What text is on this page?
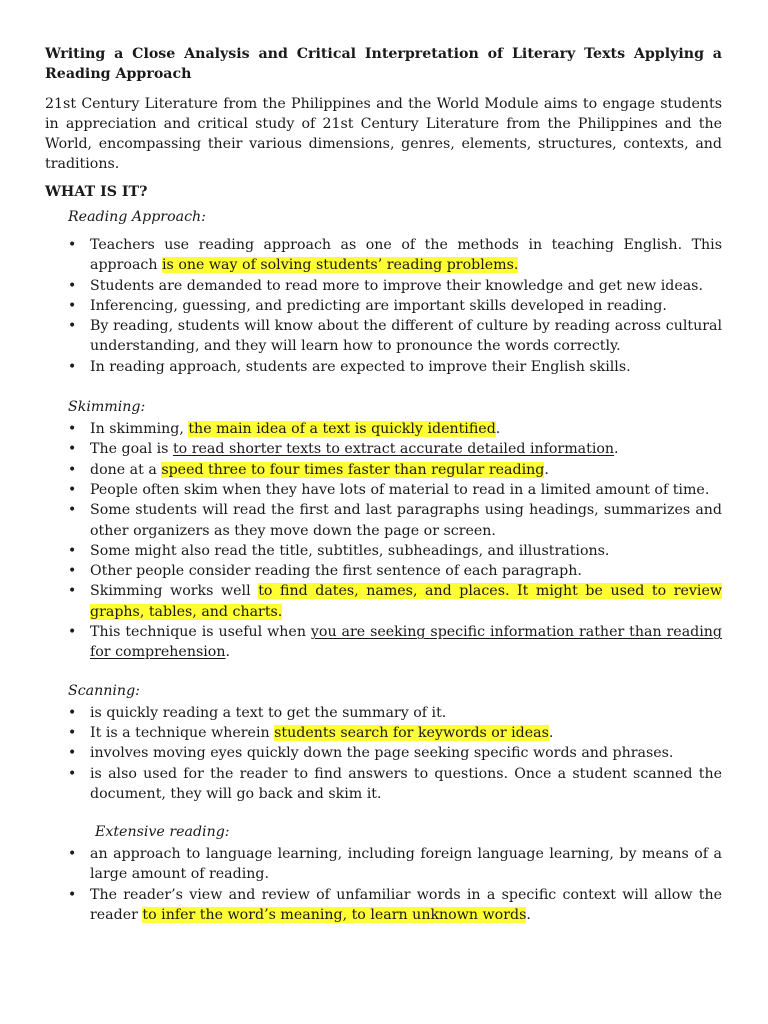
Writing a Close Analysis and Critical Interpretation of Literary Texts Applying a Reading Approach

21st Century Literature from the Philippines and the World Module aims to engage students in appreciation and critical study of 21st Century Literature from the Philippines and the World, encompassing their various dimensions, genres, elements, structures, contexts, and traditions.

WHAT IS IT?

Reading Approach:

• Teachers use reading approach as one of the methods in teaching English. This approach is one way of solving students’ reading problems.
• Students are demanded to read more to improve their knowledge and get new ideas.
• Inferencing, guessing, and predicting are important skills developed in reading.
• By reading, students will know about the different of culture by reading across cultural understanding, and they will learn how to pronounce the words correctly.
• In reading approach, students are expected to improve their English skills.

Skimming:

• In skimming, the main idea of a text is quickly identified.
• The goal is to read shorter texts to extract accurate detailed information.
• done at a speed three to four times faster than regular reading.
• People often skim when they have lots of material to read in a limited amount of time.
• Some students will read the first and last paragraphs using headings, summarizes and other organizers as they move down the page or screen.
• Some might also read the title, subtitles, subheadings, and illustrations.
• Other people consider reading the first sentence of each paragraph.
• Skimming works well to find dates, names, and places. It might be used to review graphs, tables, and charts.
• This technique is useful when you are seeking specific information rather than reading for comprehension.

Scanning:

• is quickly reading a text to get the summary of it.
• It is a technique wherein students search for keywords or ideas.
• involves moving eyes quickly down the page seeking specific words and phrases.
• is also used for the reader to find answers to questions. Once a student scanned the document, they will go back and skim it.

Extensive reading:

• an approach to language learning, including foreign language learning, by means of a large amount of reading.
• The reader’s view and review of unfamiliar words in a specific context will allow the reader to infer the word’s meaning, to learn unknown words.
